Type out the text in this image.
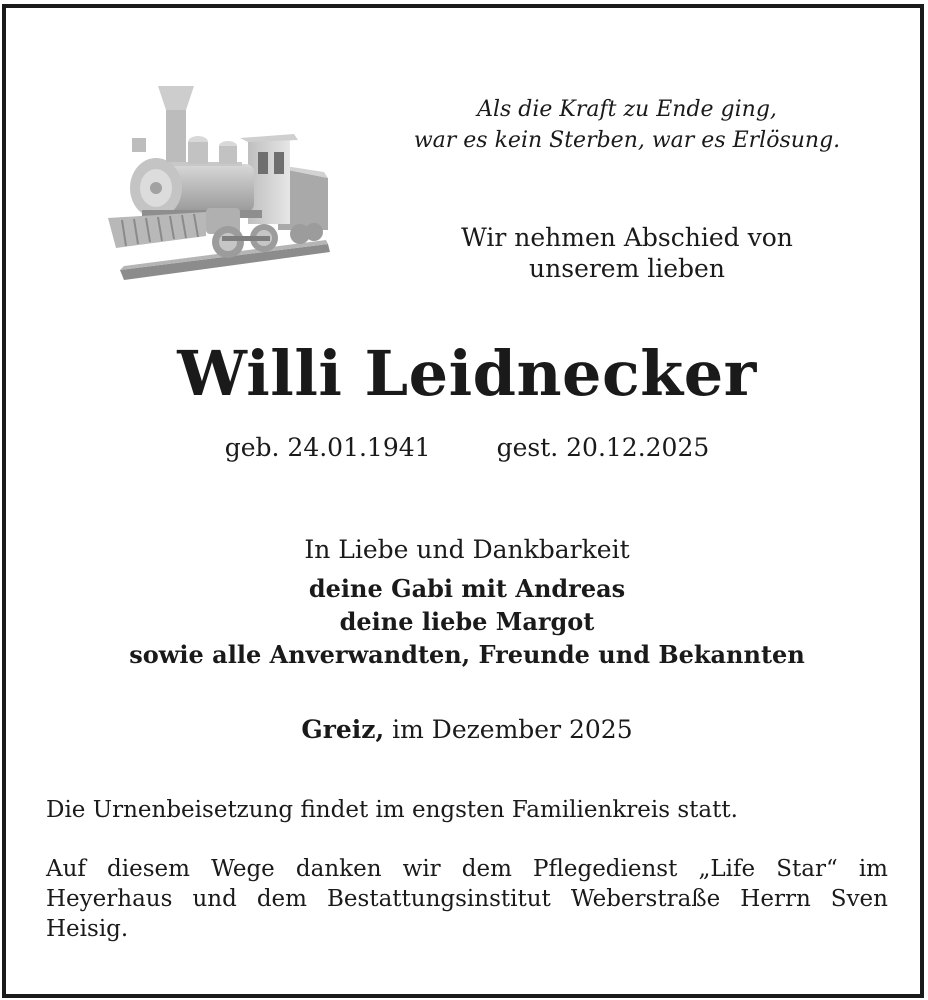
Als die Kraft zu Ende ging,
war es kein Sterben, war es Erlösung.
Wir nehmen Abschied von
unserem lieben
Willi Leidnecker
geb. 24.01.1941	gest. 20.12.2025
In Liebe und Dankbarkeit
deine Gabi mit Andreas
deine liebe Margot
sowie alle Anverwandten, Freunde und Bekannten
Greiz, im Dezember 2025
Die Urnenbeisetzung findet im engsten Familienkreis statt.
Auf diesem Wege danken wir dem Pflegedienst „Life Star“ im Heyerhaus und dem Bestattungsinstitut Weberstraße Herrn Sven Heisig.
